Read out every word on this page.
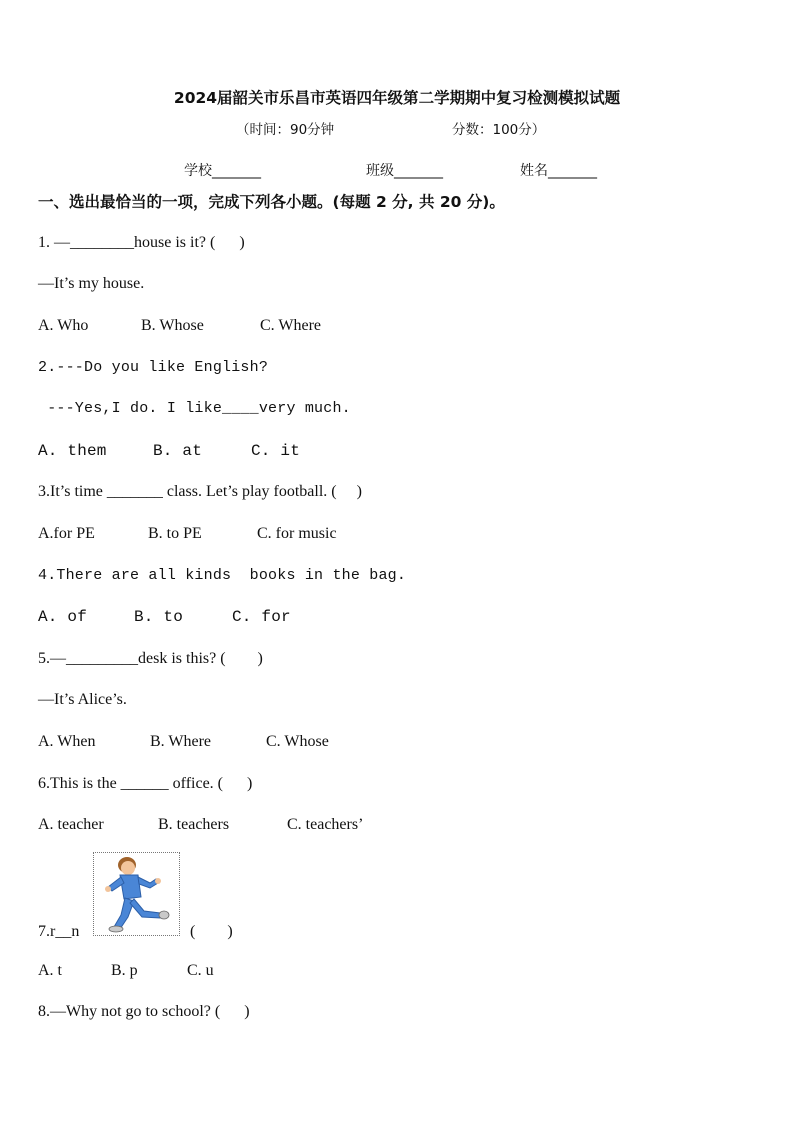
2024届韶关市乐昌市英语四年级第二学期期中复习检测模拟试题
（时间：90分钟	分数：100分）
学校_______	班级_______	姓名_______
一、选出最恰当的一项，完成下列各小题。(每题 2 分, 共 20 分)。
1. —________house is it? (      )
—It’s my house.
A. Who	B. Whose	C. Where
2.---Do you like English?
---Yes,I do. I like____very much.
A. them	B. at	C. it
3.It’s time _______ class. Let’s play football. (     )
A.for PE	B. to PE	C. for music
4.There are all kinds  books in the bag.
A. of	B. to	C. for
5.—_________desk is this? (        )
—It’s Alice’s.
A. When	B. Where	C. Whose
6.This is the ______ office. (      )
A. teacher	B. teachers	C. teachers’
7.r__n	(        )
A. t	B. p	C. u
8.—Why not go to school? (      )
